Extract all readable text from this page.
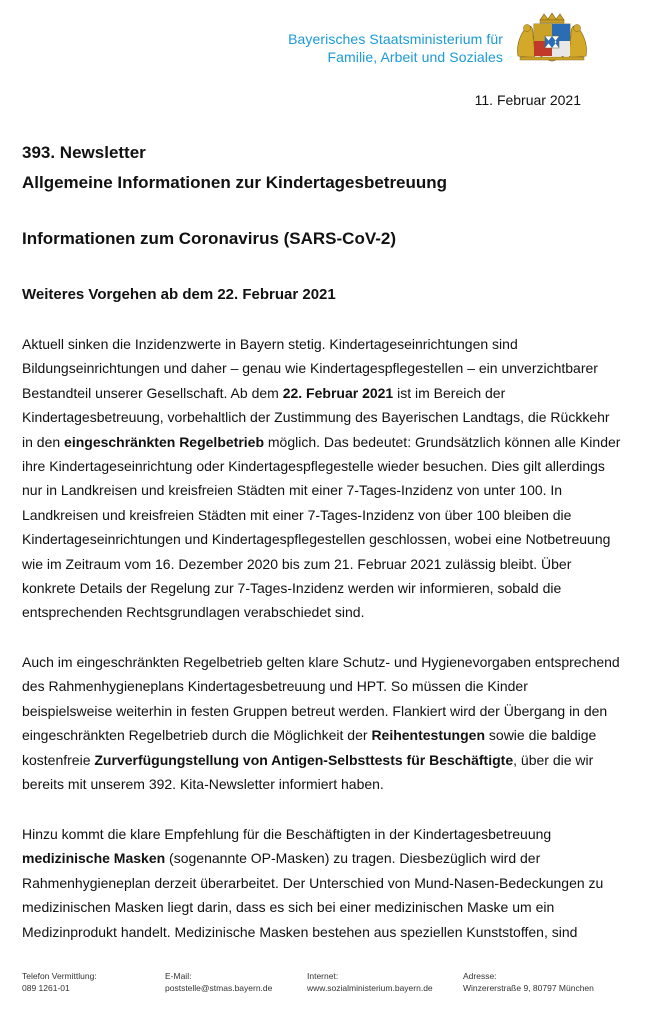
Bayerisches Staatsministerium für
Familie, Arbeit und Soziales
11. Februar 2021
393. Newsletter
Allgemeine Informationen zur Kindertagesbetreuung
Informationen zum Coronavirus (SARS-CoV-2)
Weiteres Vorgehen ab dem 22. Februar 2021
Aktuell sinken die Inzidenzwerte in Bayern stetig. Kindertageseinrichtungen sind Bildungseinrichtungen und daher – genau wie Kindertagespflegestellen – ein unverzichtbarer Bestandteil unserer Gesellschaft. Ab dem 22. Februar 2021 ist im Bereich der Kindertagesbetreuung, vorbehaltlich der Zustimmung des Bayerischen Landtags, die Rückkehr in den eingeschränkten Regelbetrieb möglich. Das bedeutet: Grundsätzlich können alle Kinder ihre Kindertageseinrichtung oder Kindertagespflegestelle wieder besuchen. Dies gilt allerdings nur in Landkreisen und kreisfreien Städten mit einer 7-Tages-Inzidenz von unter 100. In Landkreisen und kreisfreien Städten mit einer 7-Tages-Inzidenz von über 100 bleiben die Kindertageseinrichtungen und Kindertagespflegestellen geschlossen, wobei eine Notbetreuung wie im Zeitraum vom 16. Dezember 2020 bis zum 21. Februar 2021 zulässig bleibt. Über konkrete Details der Regelung zur 7-Tages-Inzidenz werden wir informieren, sobald die entsprechenden Rechtsgrundlagen verabschiedet sind.
Auch im eingeschränkten Regelbetrieb gelten klare Schutz- und Hygienevorgaben entsprechend des Rahmenhygieneplans Kindertagesbetreuung und HPT. So müssen die Kinder beispielsweise weiterhin in festen Gruppen betreut werden. Flankiert wird der Übergang in den eingeschränkten Regelbetrieb durch die Möglichkeit der Reihentestungen sowie die baldige kostenfreie Zurverfügungstellung von Antigen-Selbsttests für Beschäftigte, über die wir bereits mit unserem 392. Kita-Newsletter informiert haben.
Hinzu kommt die klare Empfehlung für die Beschäftigten in der Kindertagesbetreuung medizinische Masken (sogenannte OP-Masken) zu tragen. Diesbezüglich wird der Rahmenhygieneplan derzeit überarbeitet. Der Unterschied von Mund-Nasen-Bedeckungen zu medizinischen Masken liegt darin, dass es sich bei einer medizinischen Maske um ein Medizinprodukt handelt. Medizinische Masken bestehen aus speziellen Kunststoffen, sind
Telefon Vermittlung:
089 1261-01
E-Mail:
poststelle@stmas.bayern.de
Internet:
www.sozialministerium.bayern.de
Adresse:
Winzererstraße 9, 80797 München
